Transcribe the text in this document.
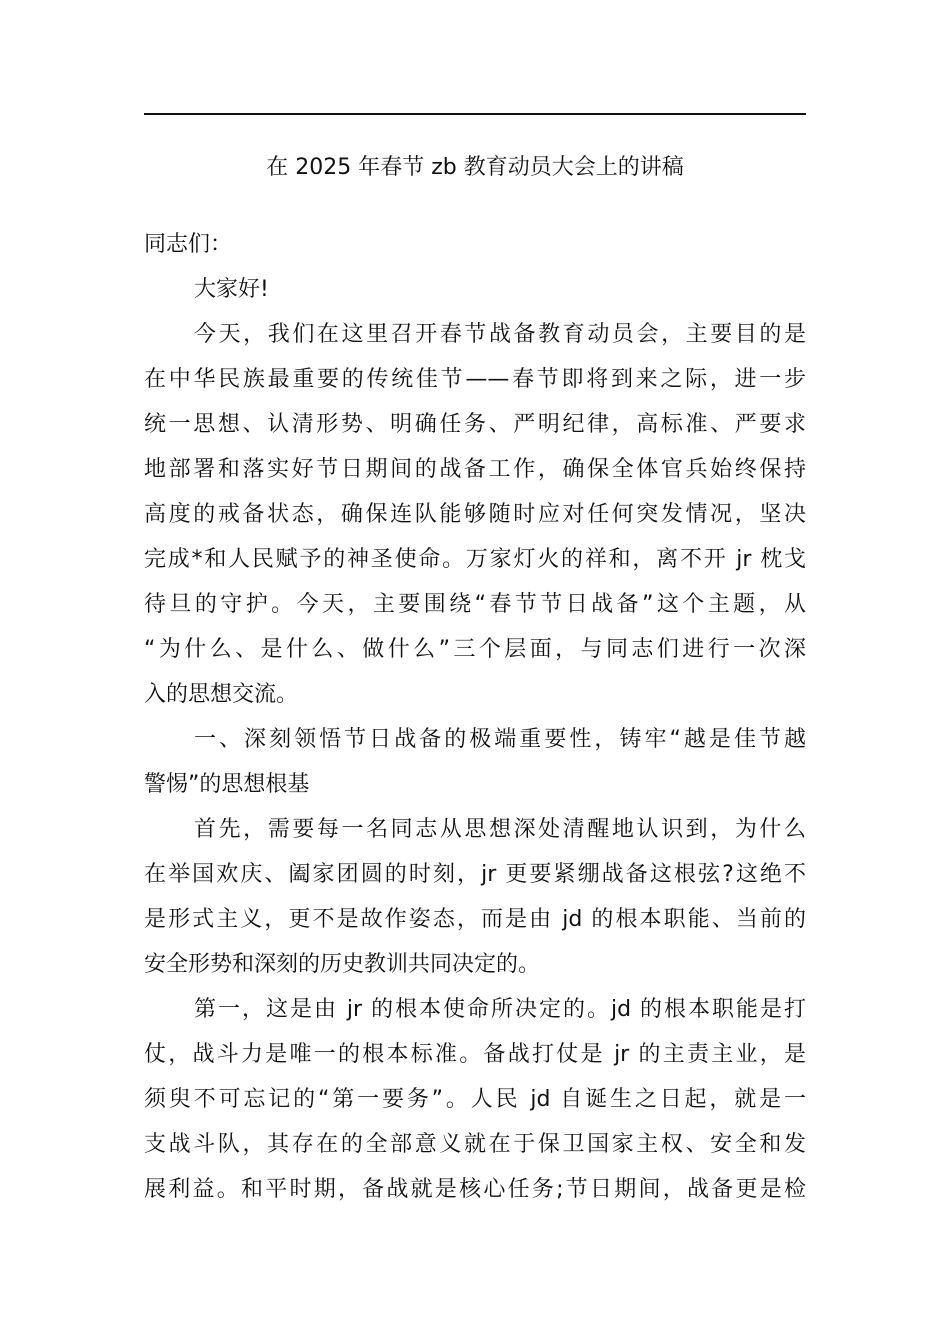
在 2025 年春节 zb 教育动员大会上的讲稿

同志们：

大家好!

今天，我们在这里召开春节战备教育动员会，主要目的是
在中华民族最重要的传统佳节——春节即将到来之际，进一步
统一思想、认清形势、明确任务、严明纪律，高标准、严要求
地部署和落实好节日期间的战备工作，确保全体官兵始终保持
高度的戒备状态，确保连队能够随时应对任何突发情况，坚决
完成*和人民赋予的神圣使命。万家灯火的祥和，离不开 jr 枕戈
待旦的守护。今天，主要围绕“春节节日战备”这个主题，从
“为什么、是什么、做什么”三个层面，与同志们进行一次深
入的思想交流。

一、深刻领悟节日战备的极端重要性，铸牢“越是佳节越
警惕”的思想根基

首先，需要每一名同志从思想深处清醒地认识到，为什么
在举国欢庆、阖家团圆的时刻，jr 更要紧绷战备这根弦?这绝不
是形式主义，更不是故作姿态，而是由 jd 的根本职能、当前的
安全形势和深刻的历史教训共同决定的。

第一，这是由 jr 的根本使命所决定的。jd 的根本职能是打
仗，战斗力是唯一的根本标准。备战打仗是 jr 的主责主业，是
须臾不可忘记的“第一要务”。人民 jd 自诞生之日起，就是一
支战斗队，其存在的全部意义就在于保卫国家主权、安全和发
展利益。和平时期，备战就是核心任务;节日期间，战备更是检
